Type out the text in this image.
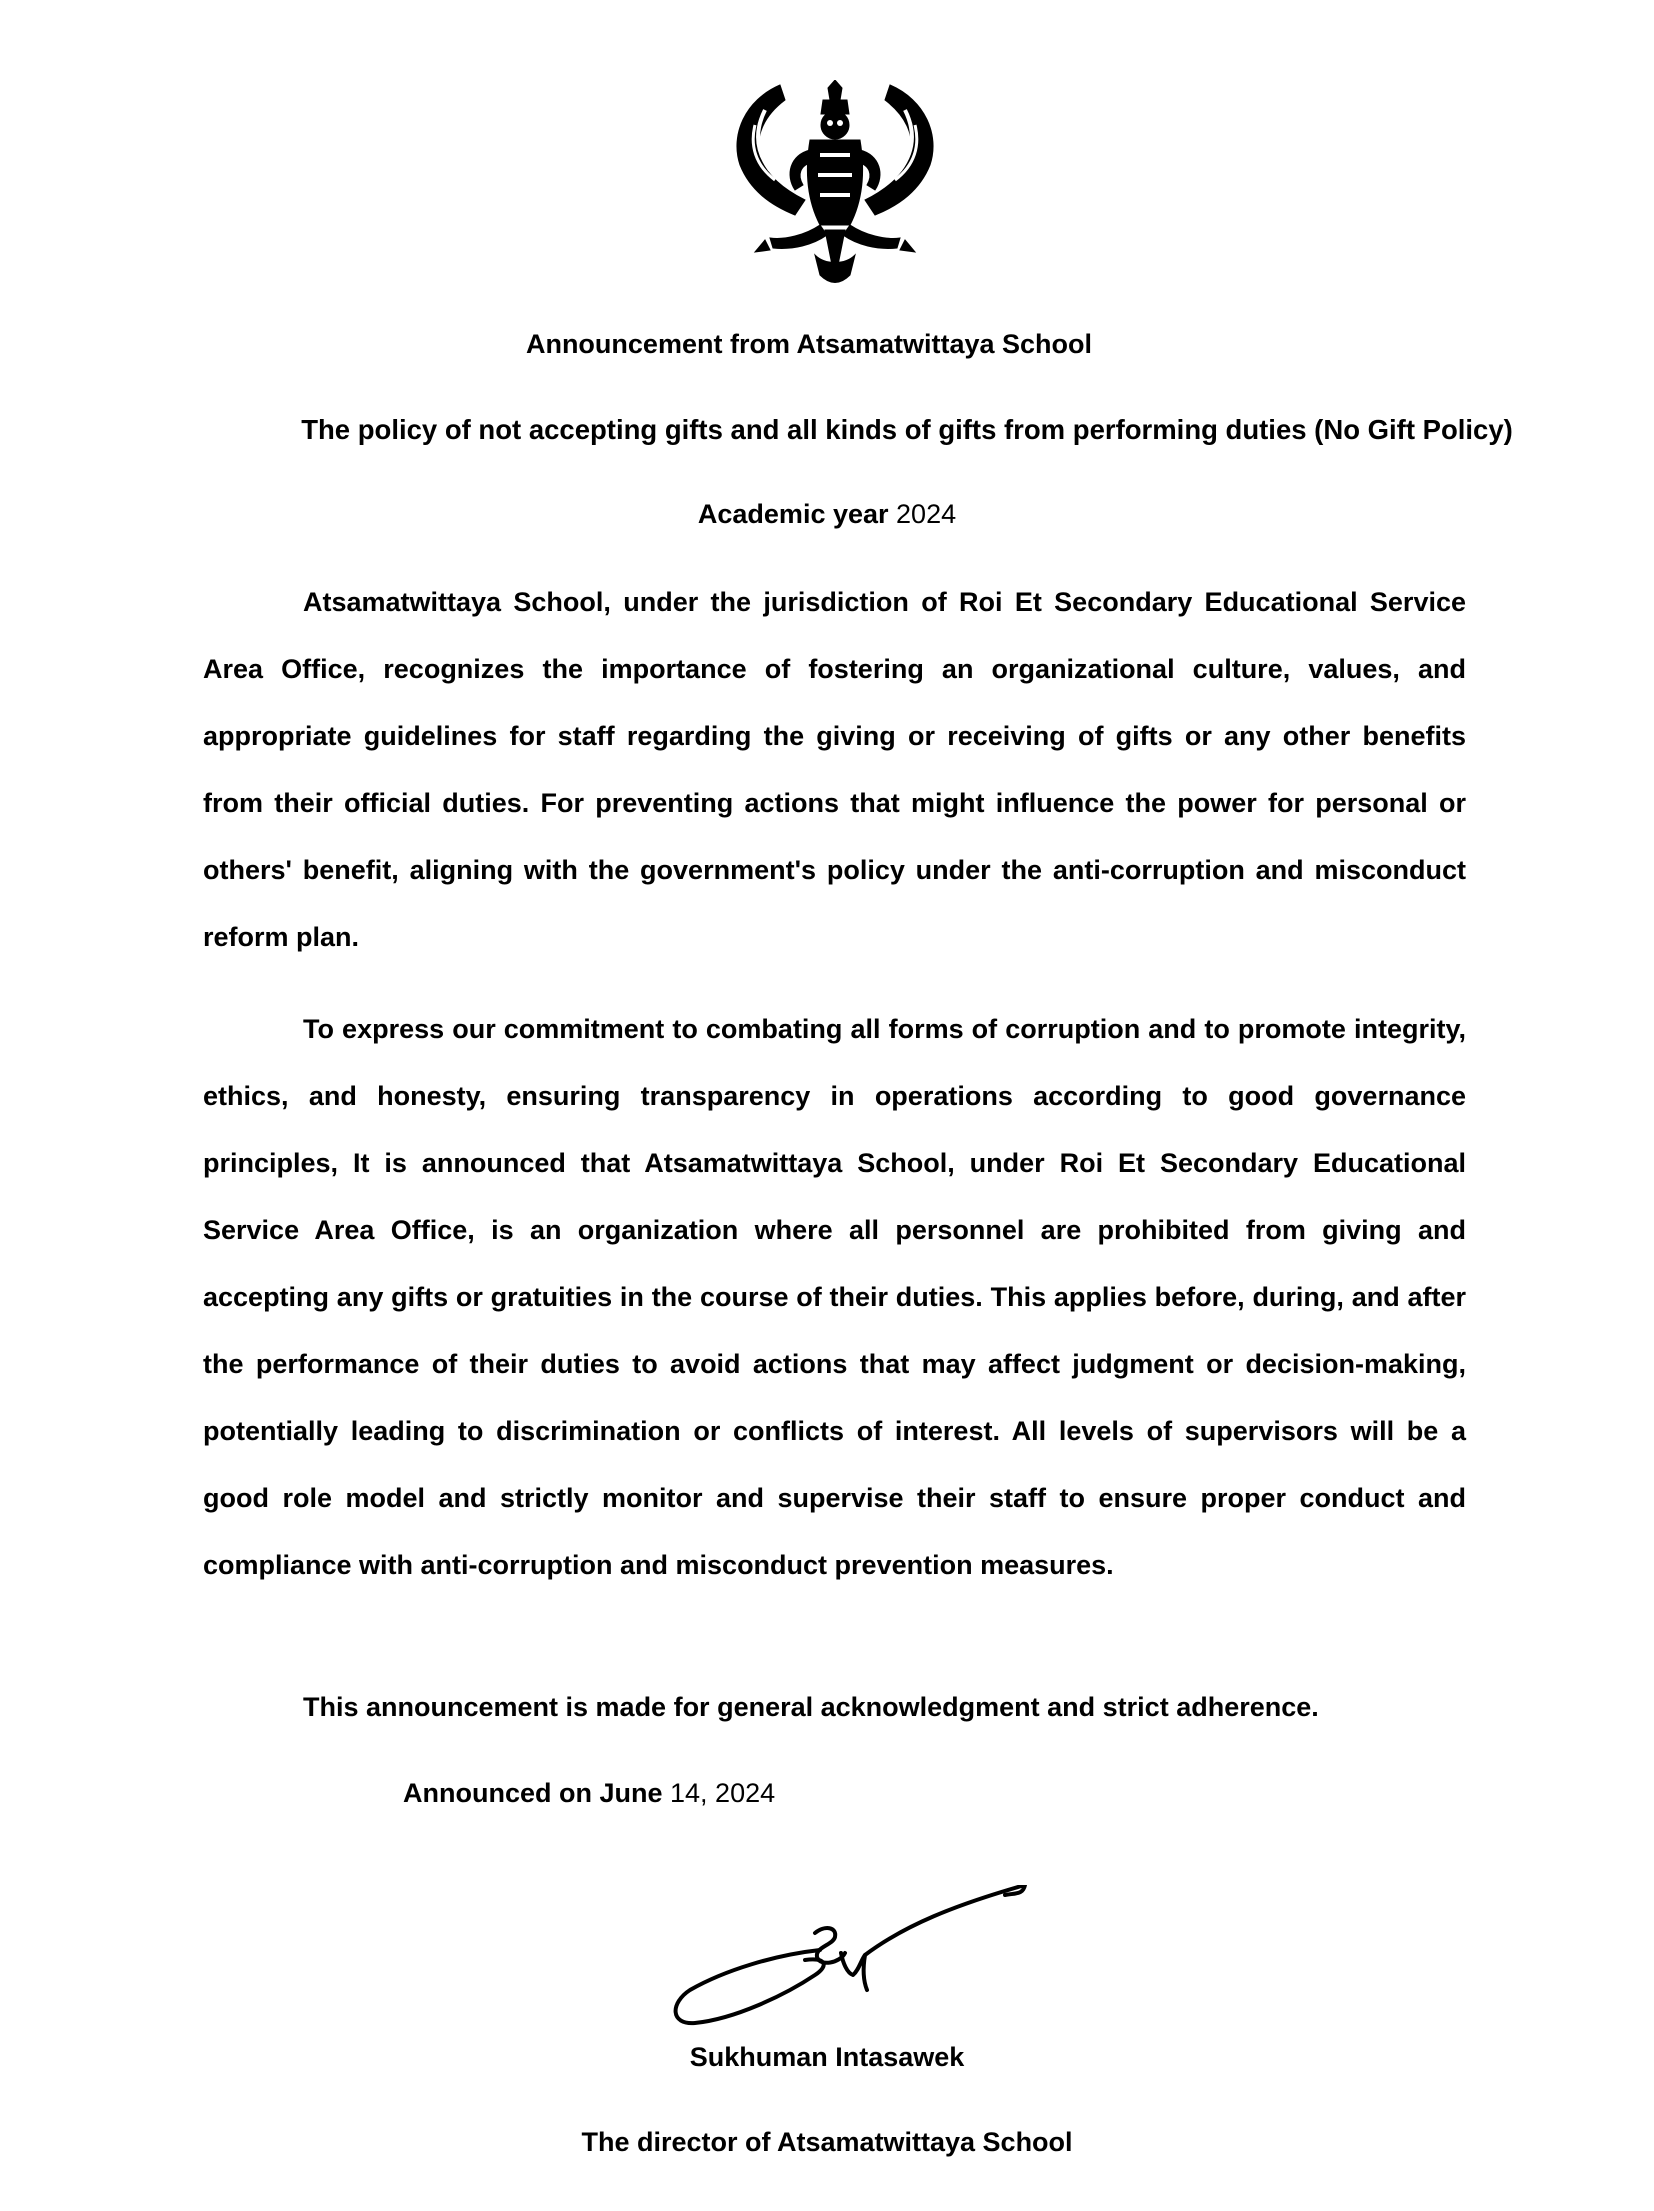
Announcement from Atsamatwittaya School
The policy of not accepting gifts and all kinds of gifts from performing duties (No Gift Policy)
Academic year 2024

Atsamatwittaya School, under the jurisdiction of Roi Et Secondary Educational Service Area Office, recognizes the importance of fostering an organizational culture, values, and appropriate guidelines for staff regarding the giving or receiving of gifts or any other benefits from their official duties. For preventing actions that might influence the power for personal or others' benefit, aligning with the government's policy under the anti-corruption and misconduct reform plan.

To express our commitment to combating all forms of corruption and to promote integrity, ethics, and honesty, ensuring transparency in operations according to good governance principles, It is announced that Atsamatwittaya School, under Roi Et Secondary Educational Service Area Office, is an organization where all personnel are prohibited from giving and accepting any gifts or gratuities in the course of their duties. This applies before, during, and after the performance of their duties to avoid actions that may affect judgment or decision-making, potentially leading to discrimination or conflicts of interest. All levels of supervisors will be a good role model and strictly monitor and supervise their staff to ensure proper conduct and compliance with anti-corruption and misconduct prevention measures.

This announcement is made for general acknowledgment and strict adherence.
Announced on June 14, 2024
Sukhuman Intasawek
The director of Atsamatwittaya School
